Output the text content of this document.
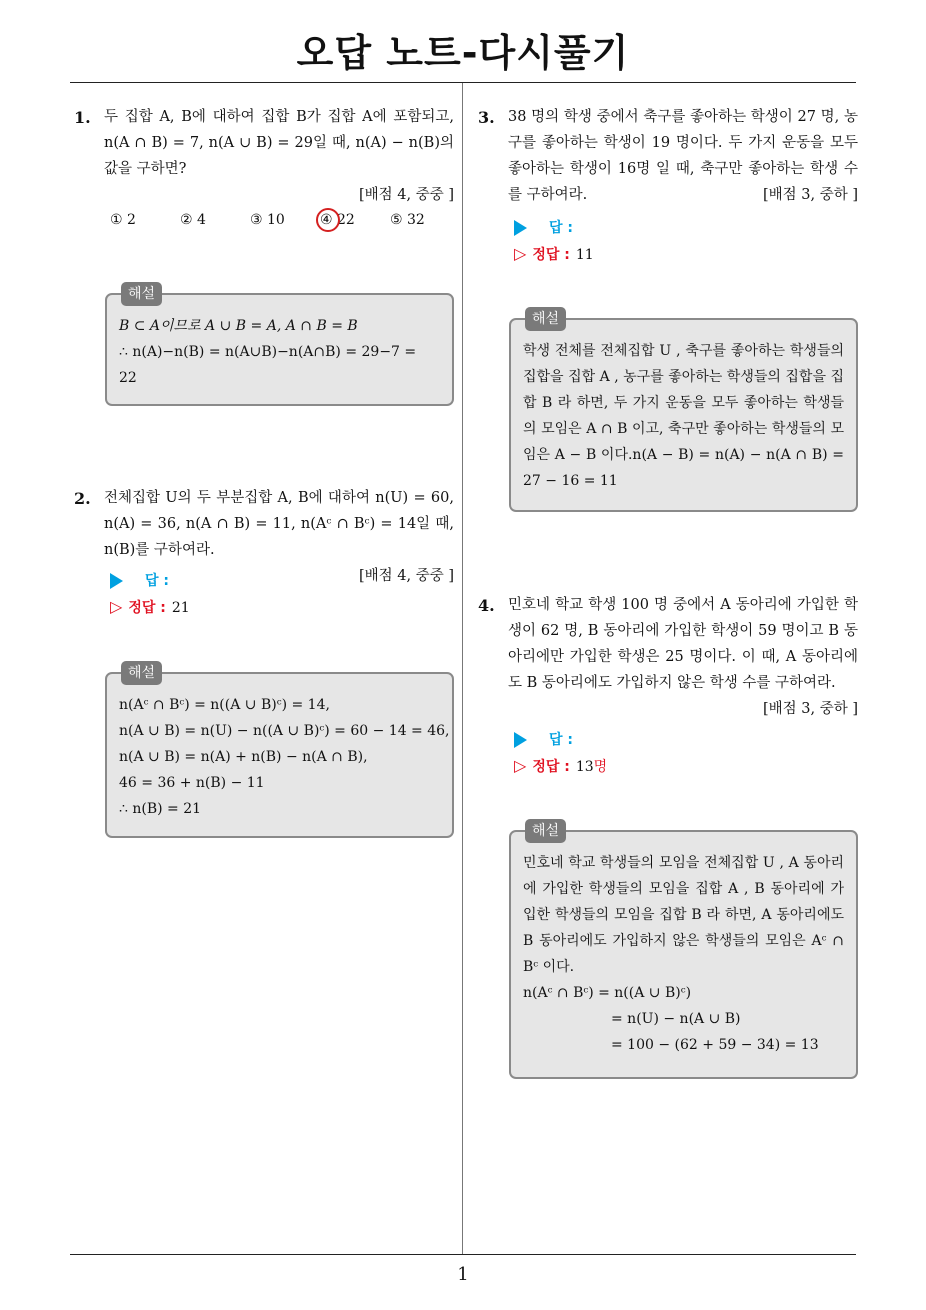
오답 노트-다시풀기
1
1. 두 집합 A, B에 대하여 집합 B가 집합 A에 포함되고, n(A ∩ B) = 7, n(A ∪ B) = 29일 때, n(A) − n(B)의 값을 구하면?
[배점 4, 중중 ]
① 2	② 4	③ 10	④ 22	⑤ 32
해설
B ⊂ A이므로 A ∪ B = A, A ∩ B = B
∴ n(A)−n(B) = n(A∪B)−n(A∩B) = 29−7 =
22
2. 전체집합 U의 두 부분집합 A, B에 대하여 n(U) = 60, n(A) = 36, n(A ∩ B) = 11, n(Aᶜ ∩ Bᶜ) = 14일 때, n(B)를 구하여라.
[배점 4, 중중 ]
답 :
▷ 정답 : 21
해설
n(Aᶜ ∩ Bᶜ) = n((A ∪ B)ᶜ) = 14,
n(A ∪ B) = n(U) − n((A ∪ B)ᶜ) = 60 − 14 = 46,
n(A ∪ B) = n(A) + n(B) − n(A ∩ B),
46 = 36 + n(B) − 11
∴ n(B) = 21
3. 38 명의 학생 중에서 축구를 좋아하는 학생이 27 명, 농구를 좋아하는 학생이 19 명이다. 두 가지 운동을 모두 좋아하는 학생이 16명 일 때, 축구만 좋아하는 학생 수를 구하여라.	[배점 3, 중하 ]
답 :
▷ 정답 : 11
해설
학생 전체를 전체집합 U , 축구를 좋아하는 학생들의 집합을 집합 A , 농구를 좋아하는 학생들의 집합을 집합 B 라 하면, 두 가지 운동을 모두 좋아하는 학생들의 모임은 A ∩ B 이고, 축구만 좋아하는 학생들의 모임은 A − B 이다.n(A − B) = n(A) − n(A ∩ B) = 27 − 16 = 11
4. 민호네 학교 학생 100 명 중에서 A 동아리에 가입한 학생이 62 명, B 동아리에 가입한 학생이 59 명이고 B 동아리에만 가입한 학생은 25 명이다. 이 때, A 동아리에도 B 동아리에도 가입하지 않은 학생 수를 구하여라.
[배점 3, 중하 ]
답 :
▷ 정답 : 13명
해설
민호네 학교 학생들의 모임을 전체집합 U , A 동아리에 가입한 학생들의 모임을 집합 A , B 동아리에 가입한 학생들의 모임을 집합 B 라 하면, A 동아리에도 B 동아리에도 가입하지 않은 학생들의 모임은 Aᶜ ∩ Bᶜ 이다.
n(Aᶜ ∩ Bᶜ) = n((A ∪ B)ᶜ)
= n(U) − n(A ∪ B)
= 100 − (62 + 59 − 34) = 13
